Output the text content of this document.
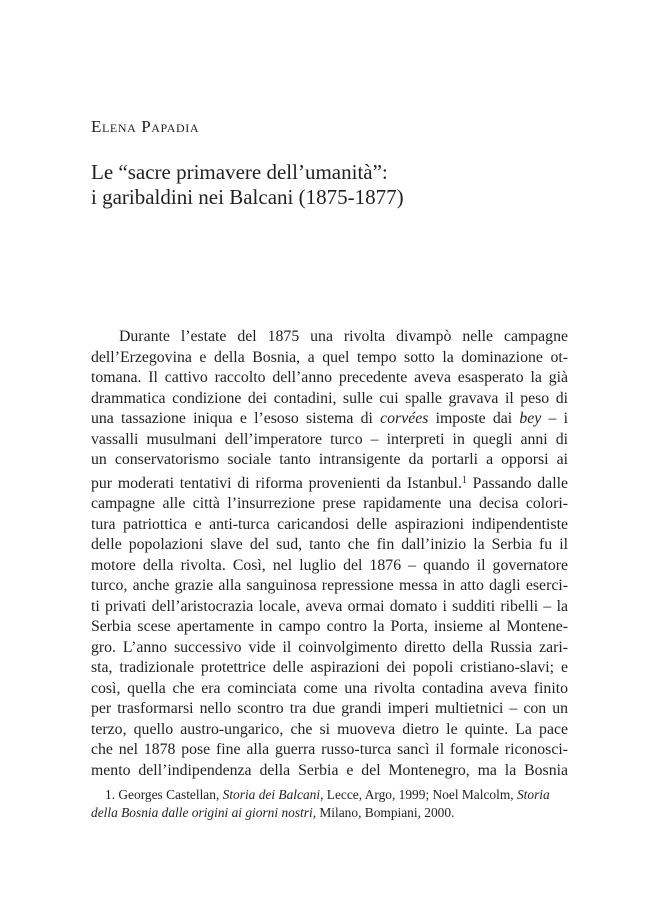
Elena Papadia
Le “sacre primavere dell’umanità”:
i garibaldini nei Balcani (1875-1877)
Durante l’estate del 1875 una rivolta divampò nelle campagne
dell’Erzegovina e della Bosnia, a quel tempo sotto la dominazione ot-
tomana. Il cattivo raccolto dell’anno precedente aveva esasperato la già
drammatica condizione dei contadini, sulle cui spalle gravava il peso di
una tassazione iniqua e l’esoso sistema di corvées imposte dai bey – i
vassalli musulmani dell’imperatore turco – interpreti in quegli anni di
un conservatorismo sociale tanto intransigente da portarli a opporsi ai
pur moderati tentativi di riforma provenienti da Istanbul.$^1$ Passando dalle
campagne alle città l’insurrezione prese rapidamente una decisa colori-
tura patriottica e anti-turca caricandosi delle aspirazioni indipendentiste
delle popolazioni slave del sud, tanto che fin dall’inizio la Serbia fu il
motore della rivolta. Così, nel luglio del 1876 – quando il governatore
turco, anche grazie alla sanguinosa repressione messa in atto dagli eserci-
ti privati dell’aristocrazia locale, aveva ormai domato i sudditi ribelli – la
Serbia scese apertamente in campo contro la Porta, insieme al Montene-
gro. L’anno successivo vide il coinvolgimento diretto della Russia zari-
sta, tradizionale protettrice delle aspirazioni dei popoli cristiano-slavi; e
così, quella che era cominciata come una rivolta contadina aveva finito
per trasformarsi nello scontro tra due grandi imperi multietnici – con un
terzo, quello austro-ungarico, che si muoveva dietro le quinte. La pace
che nel 1878 pose fine alla guerra russo-turca sancì il formale riconosci-
mento dell’indipendenza della Serbia e del Montenegro, ma la Bosnia
1. Georges Castellan, Storia dei Balcani, Lecce, Argo, 1999; Noel Malcolm, Storia
della Bosnia dalle origini ai giorni nostri, Milano, Bompiani, 2000.
